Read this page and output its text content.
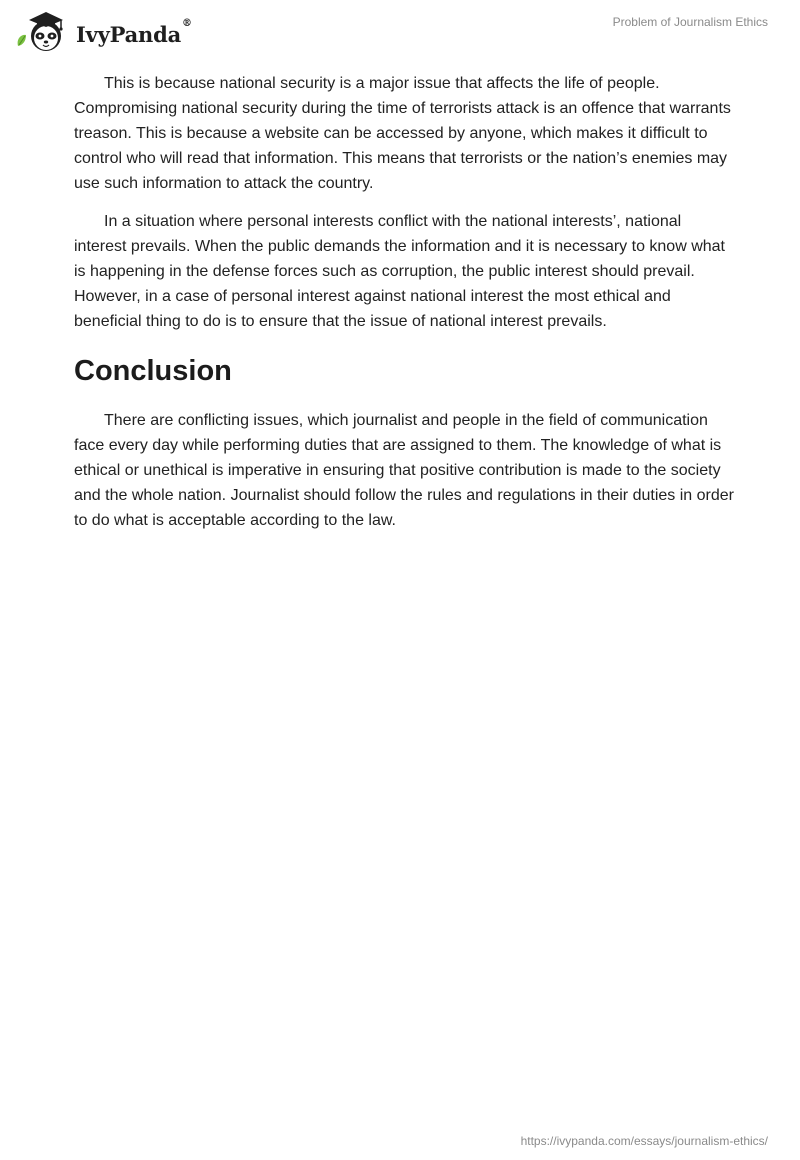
IvyPanda®	Problem of Journalism Ethics

This is because national security is a major issue that affects the life of people. Compromising national security during the time of terrorists attack is an offence that warrants treason. This is because a website can be accessed by anyone, which makes it difficult to control who will read that information. This means that terrorists or the nation’s enemies may use such information to attack the country.

In a situation where personal interests conflict with the national interests’, national interest prevails. When the public demands the information and it is necessary to know what is happening in the defense forces such as corruption, the public interest should prevail. However, in a case of personal interest against national interest the most ethical and beneficial thing to do is to ensure that the issue of national interest prevails.

Conclusion

There are conflicting issues, which journalist and people in the field of communication face every day while performing duties that are assigned to them. The knowledge of what is ethical or unethical is imperative in ensuring that positive contribution is made to the society and the whole nation. Journalist should follow the rules and regulations in their duties in order to do what is acceptable according to the law.

https://ivypanda.com/essays/journalism-ethics/
